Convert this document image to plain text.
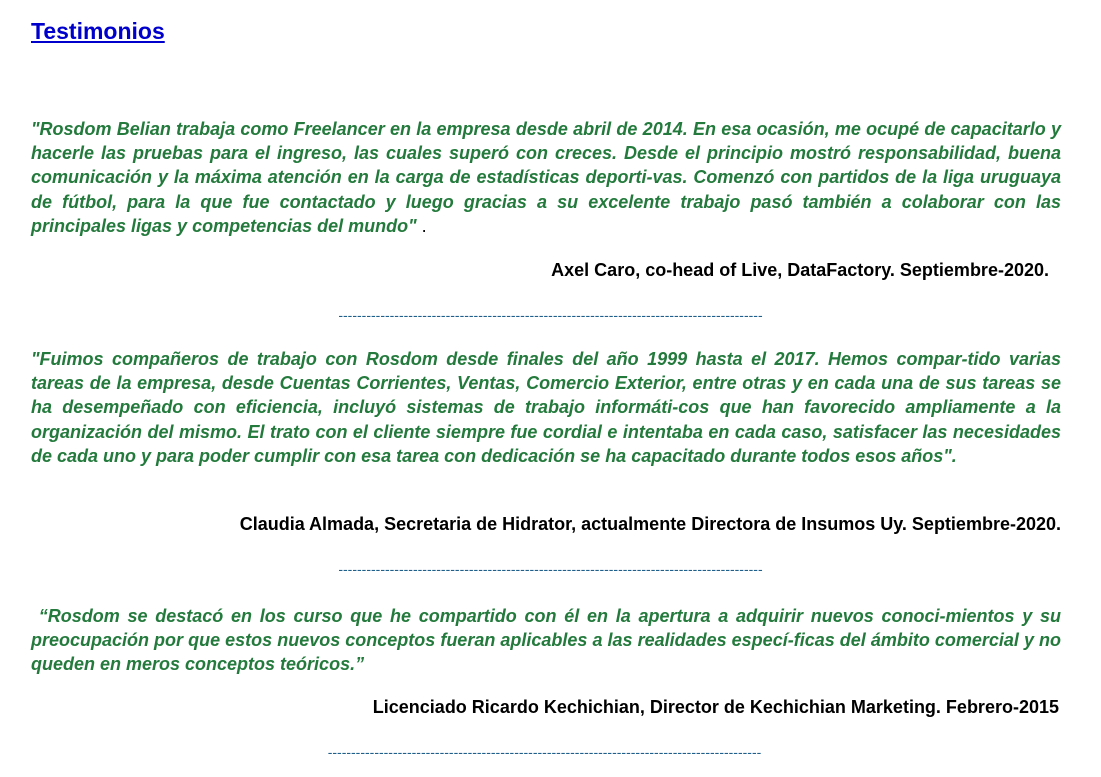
Testimonios

"Rosdom Belian trabaja como Freelancer en la empresa desde abril de 2014. En esa ocasión, me ocupé de capacitarlo y hacerle las pruebas para el ingreso, las cuales superó con creces. Desde el principio mostró responsabilidad, buena comunicación y la máxima atención en la carga de estadísticas deporti-vas. Comenzó con partidos de la liga uruguaya de fútbol, para la que fue contactado y luego gracias a su excelente trabajo pasó también a colaborar con las principales ligas y competencias del mundo" .

Axel Caro, co-head of Live, DataFactory. Septiembre-2020.
-------------------------------------------------------------------------------------------

"Fuimos compañeros de trabajo con Rosdom desde finales del año 1999 hasta el 2017. Hemos compar-tido varias tareas de la empresa, desde Cuentas Corrientes, Ventas, Comercio Exterior, entre otras y en cada una de sus tareas se ha desempeñado con eficiencia, incluyó sistemas de trabajo informáti-cos que han favorecido ampliamente a la organización del mismo. El trato con el cliente siempre fue cordial e intentaba en cada caso, satisfacer las necesidades de cada uno y para poder cumplir con esa tarea con dedicación se ha capacitado durante todos esos años".

Claudia Almada, Secretaria de Hidrator, actualmente Directora de Insumos Uy. Septiembre-2020.
-------------------------------------------------------------------------------------------

“Rosdom se destacó en los curso que he compartido con él en la apertura a adquirir nuevos conoci-mientos y su preocupación por que estos nuevos conceptos fueran aplicables a las realidades especí-ficas del ámbito comercial y no queden en meros conceptos teóricos.”

Licenciado Ricardo Kechichian, Director de Kechichian Marketing. Febrero-2015
---------------------------------------------------------------------------------------------
